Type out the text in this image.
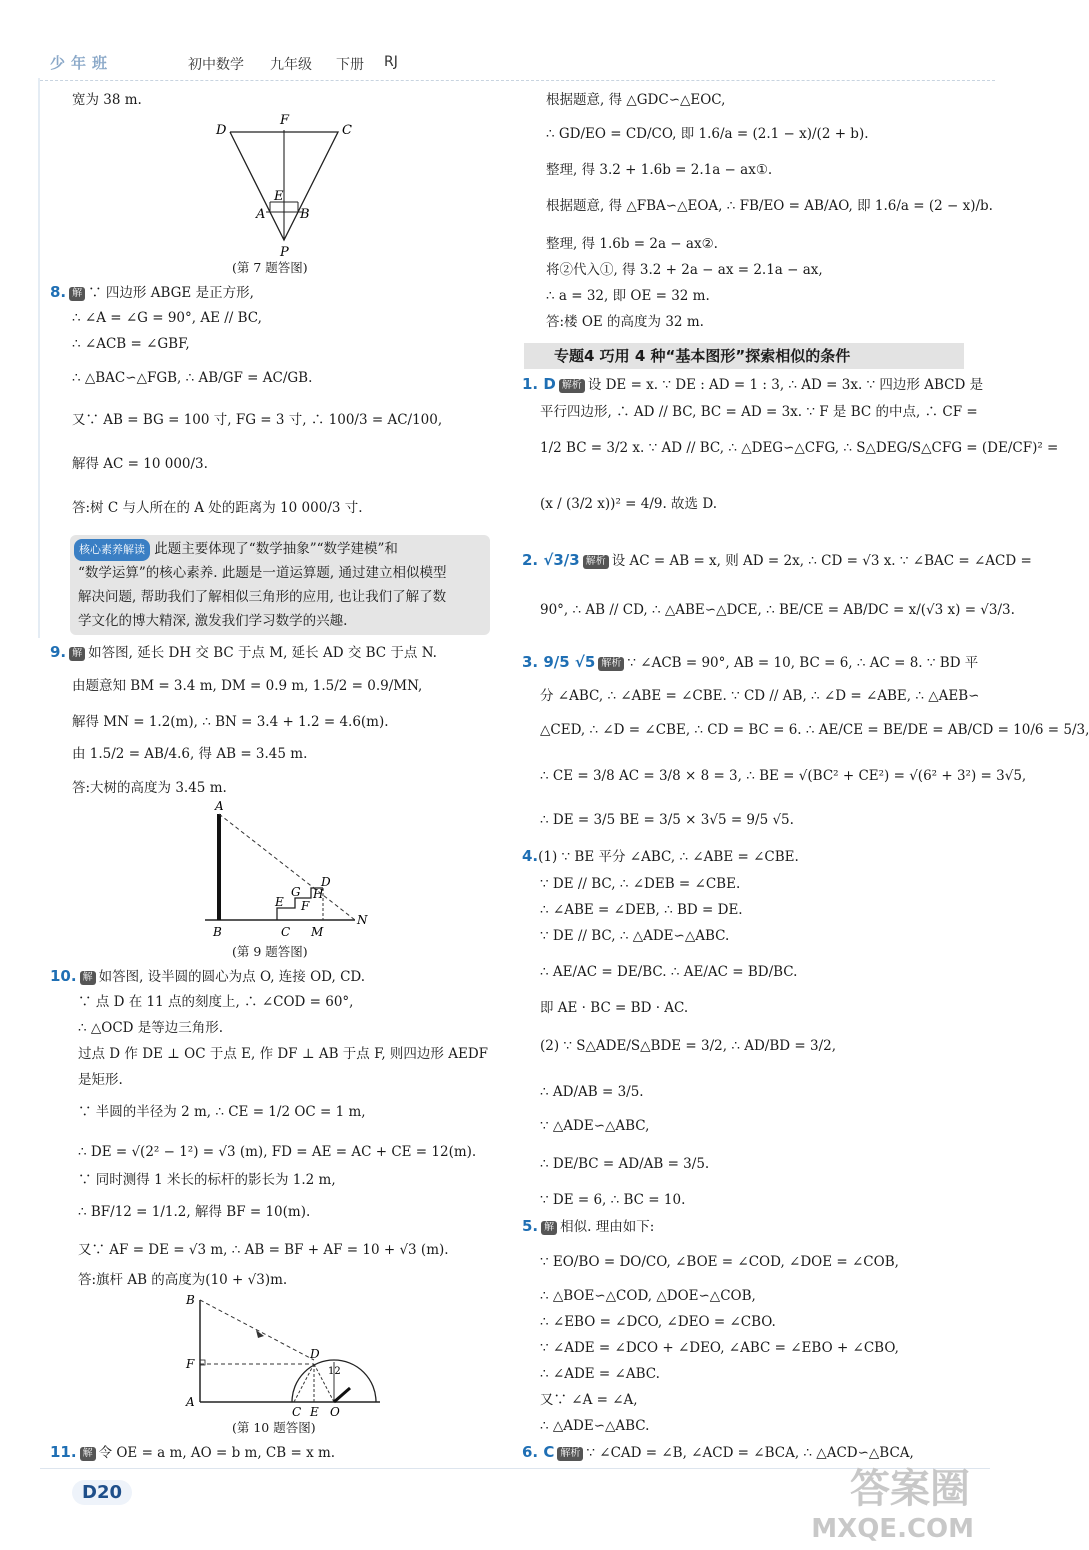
少年班	初中数学 九年级 下册 RJ
宽为 38 m.
D
F
C
E
A	B
P
(第 7 题答图)
8. 解 ∵ 四边形 ABGE 是正方形,
∴ ∠A = ∠G = 90°, AE // BC,
∴ ∠ACB = ∠GBF,
∴ △BAC∽△FGB, ∴ AB/GF = AC/GB.
又∵ AB = BG = 100 寸, FG = 3 寸, ∴ 100/3 = AC/100,
解得 AC = 10 000/3.
答:树 C 与人所在的 A 处的距离为 10 000/3 寸.
核心素养解读 此题主要体现了“数学抽象”“数学建模”和
“数学运算”的核心素养. 此题是一道运算题, 通过建立相似模型
解决问题, 帮助我们了解相似三角形的应用, 也让我们了解了数
学文化的博大精深, 激发我们学习数学的兴趣.
9. 解 如答图, 延长 DH 交 BC 于点 M, 延长 AD 交 BC 于点 N.
由题意知 BM = 3.4 m, DM = 0.9 m, 1.5/2 = 0.9/MN,
解得 MN = 1.2(m), ∴ BN = 3.4 + 1.2 = 4.6(m).
由 1.5/2 = AB/4.6, 得 AB = 3.45 m.
答:大树的高度为 3.45 m.
A
D
G H
E F
N
B	C M
(第 9 题答图)
10. 解 如答图, 设半圆的圆心为点 O, 连接 OD, CD.
∵ 点 D 在 11 点的刻度上, ∴ ∠COD = 60°,
∴ △OCD 是等边三角形.
过点 D 作 DE ⊥ OC 于点 E, 作 DF ⊥ AB 于点 F, 则四边形 AEDF
是矩形.
∵ 半圆的半径为 2 m, ∴ CE = 1/2 OC = 1 m,
∴ DE = √(2² − 1²) = √3 (m), FD = AE = AC + CE = 12(m).
∵ 同时测得 1 米长的标杆的影长为 1.2 m,
∴ BF/12 = 1/1.2, 解得 BF = 10(m).
又∵ AF = DE = √3 m, ∴ AB = BF + AF = 10 + √3 (m).
答:旗杆 AB 的高度为(10 + √3)m.
B
F
D
A
C E O
12
(第 10 题答图)
11. 解 令 OE = a m, AO = b m, CB = x m.
根据题意, 得 △GDC∽△EOC,
∴ GD/EO = CD/CO, 即 1.6/a = (2.1 − x)/(2 + b).
整理, 得 3.2 + 1.6b = 2.1a − ax①.
根据题意, 得 △FBA∽△EOA, ∴ FB/EO = AB/AO, 即 1.6/a = (2 − x)/b.
整理, 得 1.6b = 2a − ax②.
将②代入①, 得 3.2 + 2a − ax = 2.1a − ax,
∴ a = 32, 即 OE = 32 m.
答:楼 OE 的高度为 32 m.
专题4 巧用 4 种“基本图形”探索相似的条件
1. D 解析 设 DE = x. ∵ DE : AD = 1 : 3, ∴ AD = 3x. ∵ 四边形 ABCD 是
平行四边形, ∴ AD // BC, BC = AD = 3x. ∵ F 是 BC 的中点, ∴ CF =
1/2 BC = 3/2 x. ∵ AD // BC, ∴ △DEG∽△CFG, ∴ S△DEG/S△CFG = (DE/CF)² =
(x / (3/2 x))² = 4/9. 故选 D.
2. √3/3 解析 设 AC = AB = x, 则 AD = 2x, ∴ CD = √3 x. ∵ ∠BAC = ∠ACD =
90°, ∴ AB // CD, ∴ △ABE∽△DCE, ∴ BE/CE = AB/DC = x/(√3 x) = √3/3.
3. 9/5 √5 解析 ∵ ∠ACB = 90°, AB = 10, BC = 6, ∴ AC = 8. ∵ BD 平
分 ∠ABC, ∴ ∠ABE = ∠CBE. ∵ CD // AB, ∴ ∠D = ∠ABE, ∴ △AEB∽
△CED, ∴ ∠D = ∠CBE, ∴ CD = BC = 6. ∴ AE/CE = BE/DE = AB/CD = 10/6 = 5/3,
∴ CE = 3/8 AC = 3/8 × 8 = 3, ∴ BE = √(BC² + CE²) = √(6² + 3²) = 3√5,
∴ DE = 3/5 BE = 3/5 × 3√5 = 9/5 √5.
4.(1) ∵ BE 平分 ∠ABC, ∴ ∠ABE = ∠CBE.
∵ DE // BC, ∴ ∠DEB = ∠CBE.
∴ ∠ABE = ∠DEB, ∴ BD = DE.
∵ DE // BC, ∴ △ADE∽△ABC.
∴ AE/AC = DE/BC. ∴ AE/AC = BD/BC.
即 AE · BC = BD · AC.
(2) ∵ S△ADE/S△BDE = 3/2, ∴ AD/BD = 3/2,
∴ AD/AB = 3/5.
∵ △ADE∽△ABC,
∴ DE/BC = AD/AB = 3/5.
∵ DE = 6, ∴ BC = 10.
5. 解 相似. 理由如下:
∵ EO/BO = DO/CO, ∠BOE = ∠COD, ∠DOE = ∠COB,
∴ △BOE∽△COD, △DOE∽△COB,
∴ ∠EBO = ∠DCO, ∠DEO = ∠CBO.
∵ ∠ADE = ∠DCO + ∠DEO, ∠ABC = ∠EBO + ∠CBO,
∴ ∠ADE = ∠ABC.
又∵ ∠A = ∠A,
∴ △ADE∽△ABC.
6. C 解析 ∵ ∠CAD = ∠B, ∠ACD = ∠BCA, ∴ △ACD∽△BCA,
D20	答案圈
MXQE.COM
